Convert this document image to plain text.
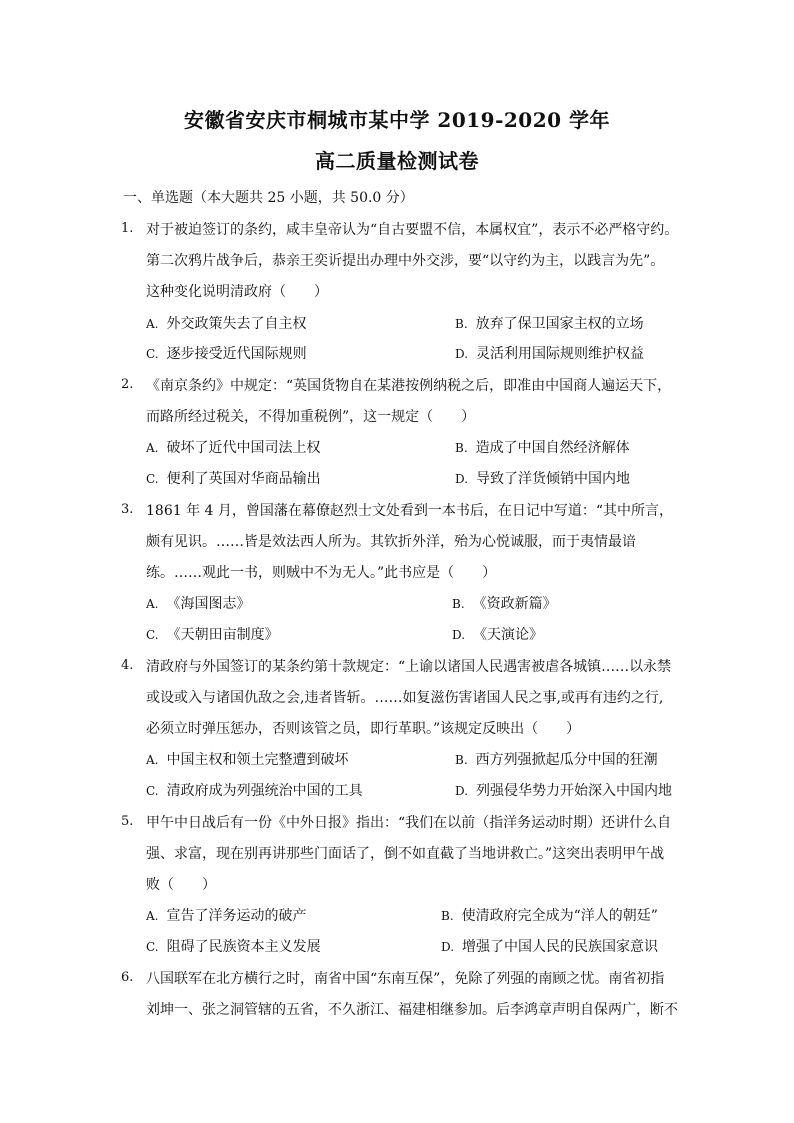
安徽省安庆市桐城市某中学 2019-2020 学年
高二质量检测试卷
一、单选题（本大题共 25 小题，共 50.0 分）
1. 对于被迫签订的条约，咸丰皇帝认为“自古要盟不信，本属权宜”，表示不必严格守约。
第二次鸦片战争后，恭亲王奕䜣提出办理中外交涉，要“以守约为主，以践言为先”。
这种变化说明清政府（　　）
A. 外交政策失去了自主权	B. 放弃了保卫国家主权的立场
C. 逐步接受近代国际规则	D. 灵活利用国际规则维护权益
2. 《南京条约》中规定：“英国货物自在某港按例纳税之后，即准由中国商人遍运天下，
而路所经过税关，不得加重税例”，这一规定（　　）
A. 破坏了近代中国司法上权	B. 造成了中国自然经济解体
C. 便利了英国对华商品输出	D. 导致了洋货倾销中国内地
3. 1861 年 4 月，曾国藩在幕僚赵烈士文处看到一本书后，在日记中写道：“其中所言，
颇有见识。……皆是效法西人所为。其钦折外洋，殆为心悦诚服，而于夷情最谙
练。……观此一书，则贼中不为无人。”此书应是（　　）
A. 《海国图志》	B. 《资政新篇》
C. 《天朝田亩制度》	D. 《天演论》
4. 清政府与外国签订的某条约第十款规定：“上谕以诸国人民遇害被虐各城镇……以永禁
或设或入与诸国仇敌之会,违者皆斩。……如复滋伤害诸国人民之事,或再有违约之行,
必须立时弹压惩办，否则该管之员，即行革职。”该规定反映出（　　）
A. 中国主权和领土完整遭到破坏	B. 西方列强掀起瓜分中国的狂潮
C. 清政府成为列强统治中国的工具	D. 列强侵华势力开始深入中国内地
5. 甲午中日战后有一份《中外日报》指出：“我们在以前（指洋务运动时期）还讲什么自
强、求富，现在别再讲那些门面话了，倒不如直截了当地讲救亡。”这突出表明甲午战
败（　　）
A. 宣告了洋务运动的破产	B. 使清政府完全成为“洋人的朝廷”
C. 阻碍了民族资本主义发展	D. 增强了中国人民的民族国家意识
6. 八国联军在北方横行之时，南省中国“东南互保”，免除了列强的南顾之忧。南省初指
刘坤一、张之洞管辖的五省，不久浙江、福建相继参加。后李鸿章声明自保两广，断不
